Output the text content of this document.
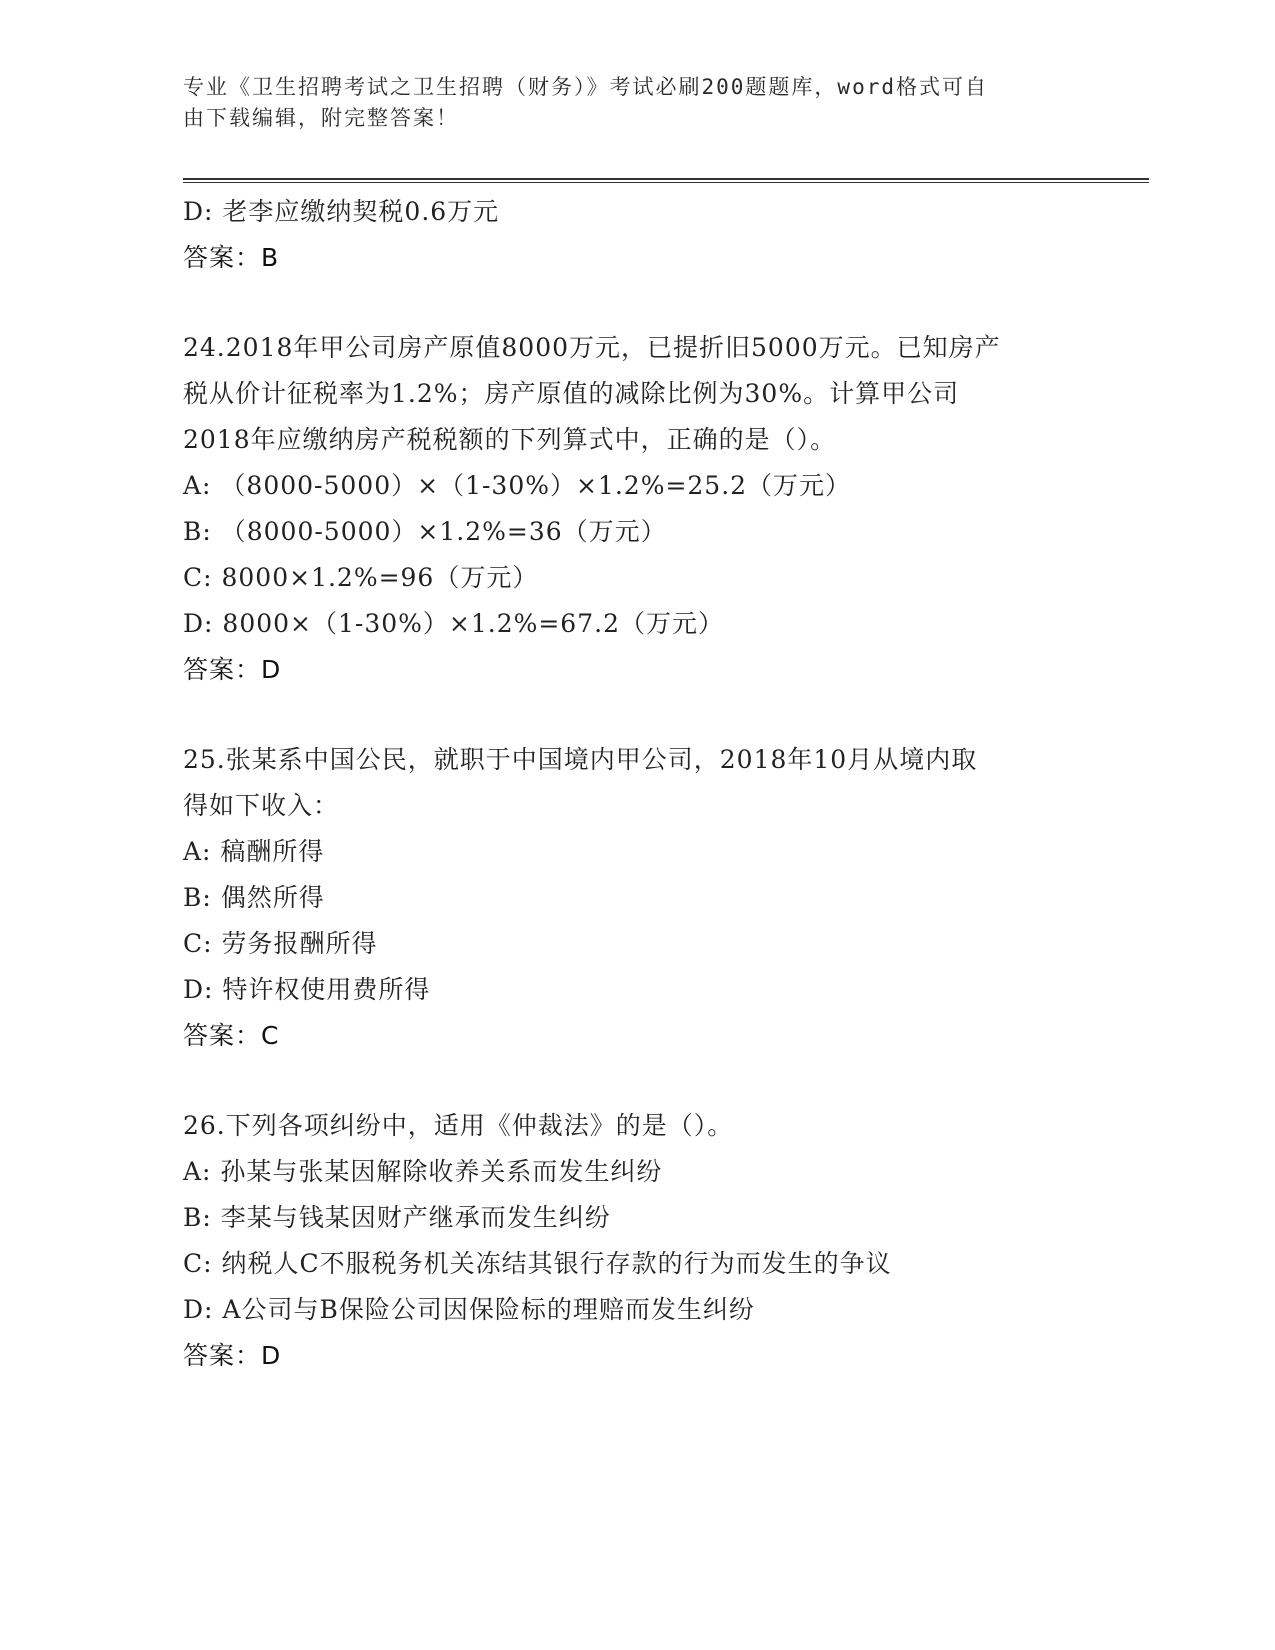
专业《卫生招聘考试之卫生招聘（财务）》考试必刷200题题库，word格式可自
由下载编辑，附完整答案！
D: 老李应缴纳契税0.6万元
答案：B
24.2018年甲公司房产原值8000万元，已提折旧5000万元。已知房产
税从价计征税率为1.2%；房产原值的减除比例为30%。计算甲公司
2018年应缴纳房产税税额的下列算式中，正确的是（）。
A: （8000-5000）×（1-30%）×1.2%=25.2（万元）
B: （8000-5000）×1.2%=36（万元）
C: 8000×1.2%=96（万元）
D: 8000×（1-30%）×1.2%=67.2（万元）
答案：D
25.张某系中国公民，就职于中国境内甲公司，2018年10月从境内取
得如下收入：
A: 稿酬所得
B: 偶然所得
C: 劳务报酬所得
D: 特许权使用费所得
答案：C
26.下列各项纠纷中，适用《仲裁法》的是（）。
A: 孙某与张某因解除收养关系而发生纠纷
B: 李某与钱某因财产继承而发生纠纷
C: 纳税人C不服税务机关冻结其银行存款的行为而发生的争议
D: A公司与B保险公司因保险标的理赔而发生纠纷
答案：D
